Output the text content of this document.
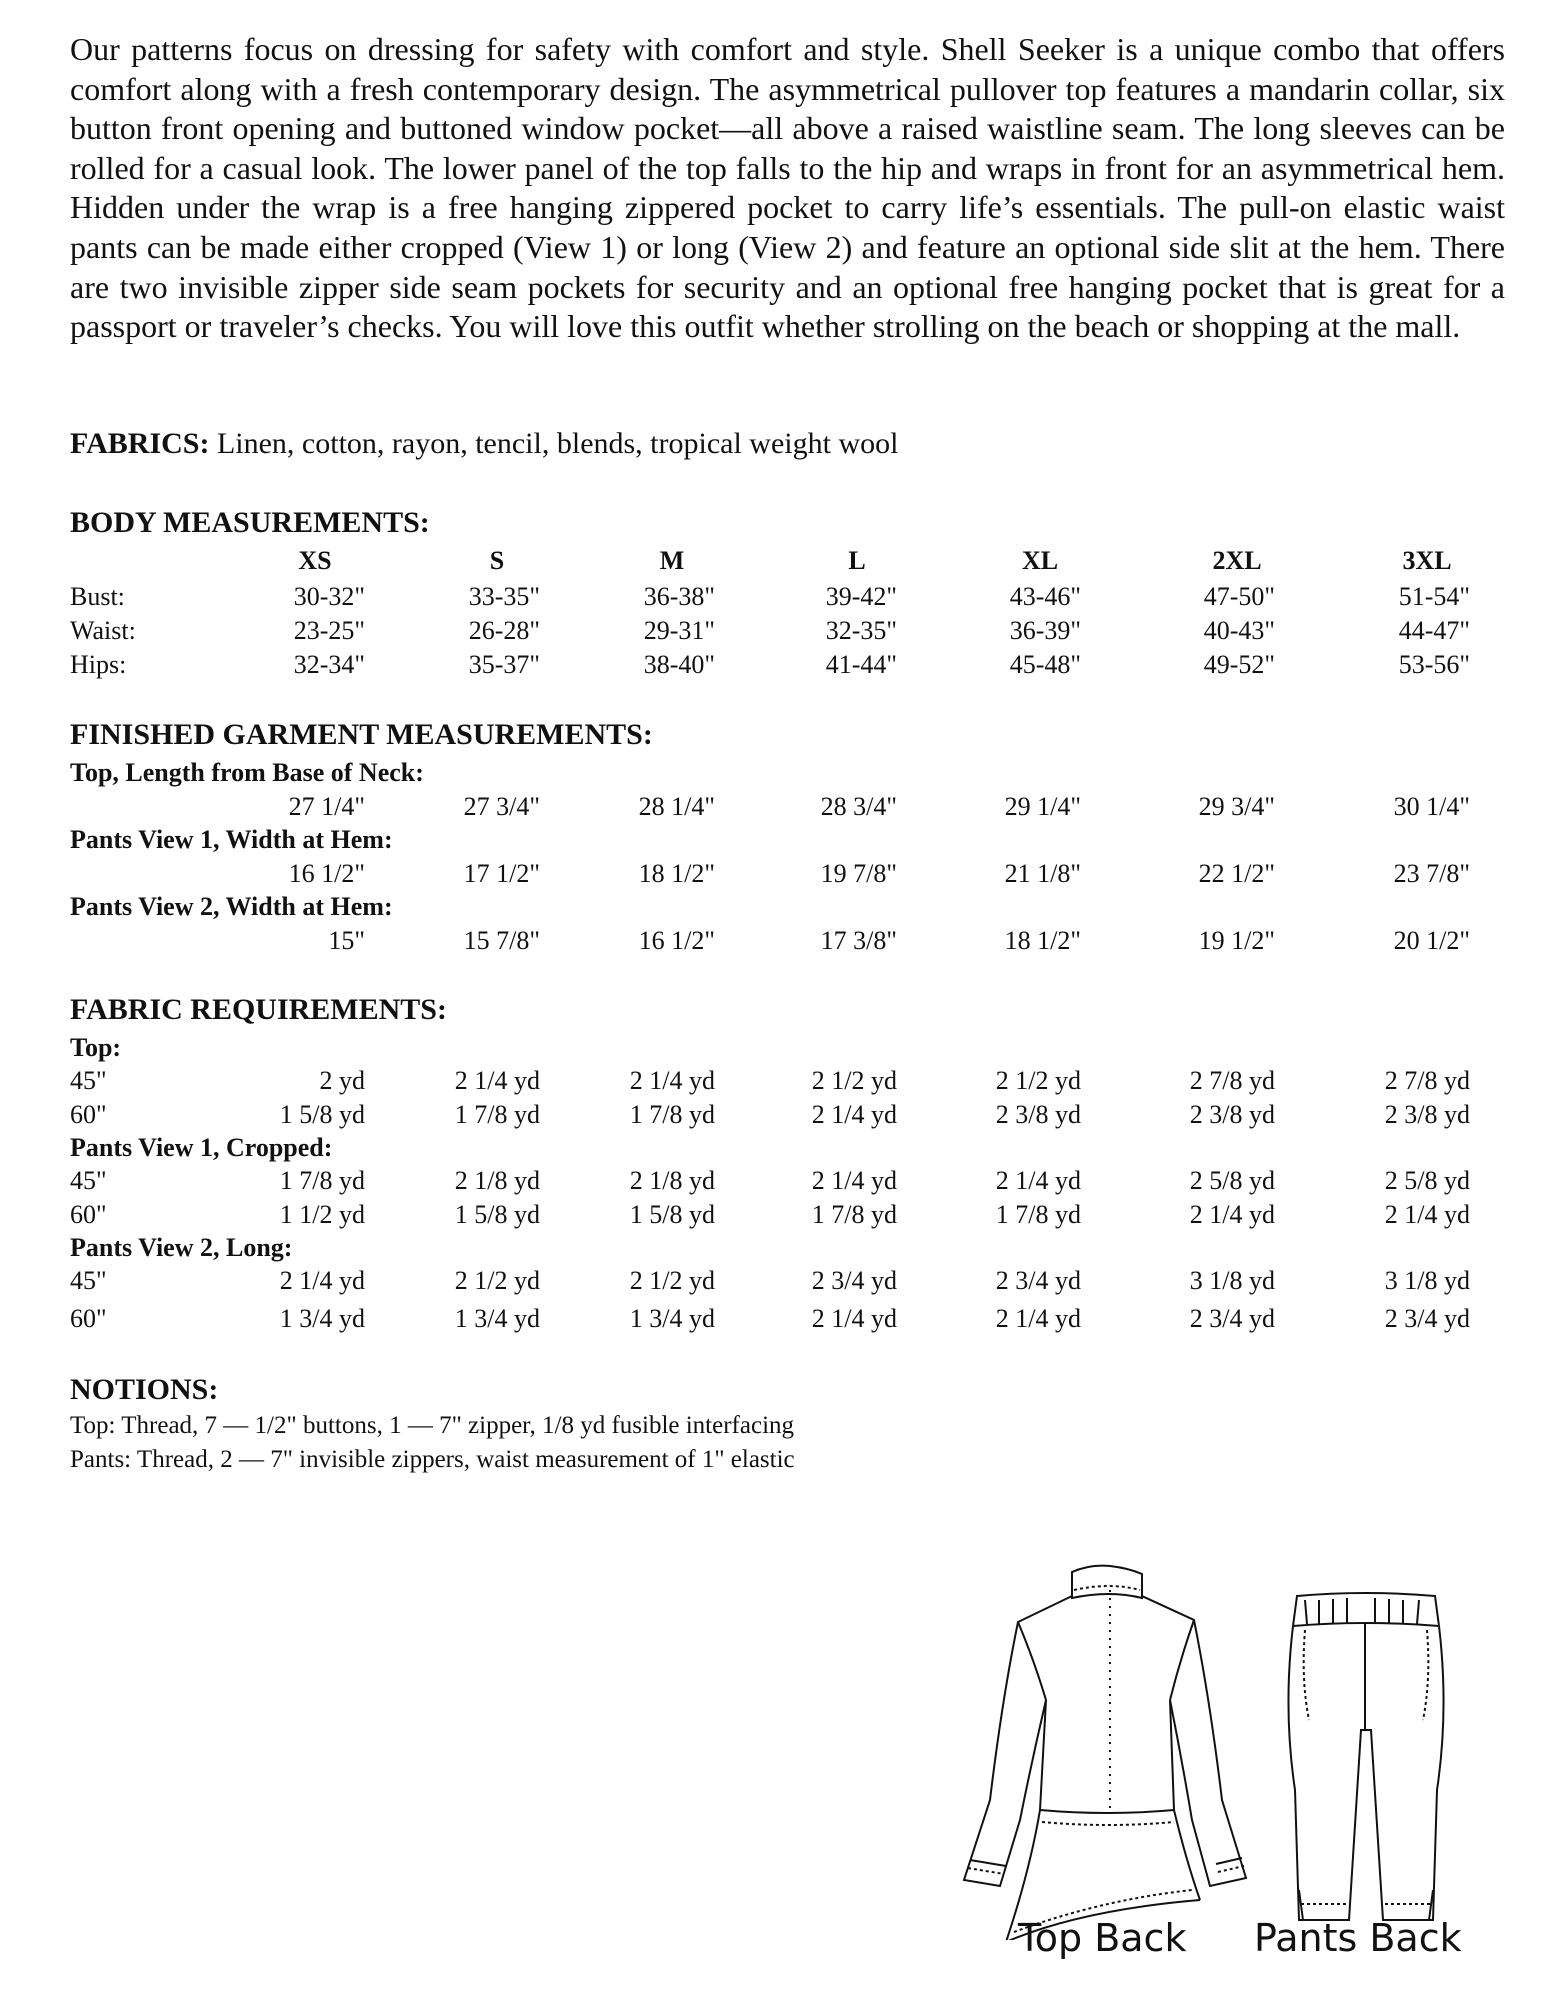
Our patterns focus on dressing for safety with comfort and style. Shell Seeker is a unique combo that offers comfort along with a fresh contemporary design. The asymmetrical pullover top features a mandarin collar, six button front opening and buttoned window pocket—all above a raised waistline seam. The long sleeves can be rolled for a casual look. The lower panel of the top falls to the hip and wraps in front for an asymmetrical hem. Hidden under the wrap is a free hanging zippered pocket to carry life’s essentials. The pull-on elastic waist pants can be made either cropped (View 1) or long (View 2) and feature an optional side slit at the hem. There are two invisible zipper side seam pockets for security and an optional free hanging pocket that is great for a passport or traveler’s checks. You will love this outfit whether strolling on the beach or shopping at the mall.

FABRICS: Linen, cotton, rayon, tencil, blends, tropical weight wool
BODY MEASUREMENTS:
FINISHED GARMENT MEASUREMENTS:
FABRIC REQUIREMENTS:
NOTIONS:
Top: Thread, 7 — 1/2" buttons, 1 — 7" zipper, 1/8 yd fusible interfacing
Pants: Thread, 2 — 7" invisible zippers, waist measurement of 1" elastic
Top Back Pants Back
XS	S	M	L	XL	2XL	3XL
Bust:	30-32"	33-35"	36-38"	39-42"	43-46"	47-50"	51-54"
Waist:	23-25"	26-28"	29-31"	32-35"	36-39"	40-43"	44-47"
Hips:	32-34"	35-37"	38-40"	41-44"	45-48"	49-52"	53-56"
Top, Length from Base of Neck:
27 1/4"	27 3/4"	28 1/4"	28 3/4"	29 1/4"	29 3/4"	30 1/4"
Pants View 1, Width at Hem:
16 1/2"	17 1/2"	18 1/2"	19 7/8"	21 1/8"	22 1/2"	23 7/8"
Pants View 2, Width at Hem:
15"	15 7/8"	16 1/2"	17 3/8"	18 1/2"	19 1/2"	20 1/2"
Top:
45"	2 yd	2 1/4 yd	2 1/4 yd	2 1/2 yd	2 1/2 yd	2 7/8 yd	2 7/8 yd
60"	1 5/8 yd	1 7/8 yd	1 7/8 yd	2 1/4 yd	2 3/8 yd	2 3/8 yd	2 3/8 yd
Pants View 1, Cropped:
45"	1 7/8 yd	2 1/8 yd	2 1/8 yd	2 1/4 yd	2 1/4 yd	2 5/8 yd	2 5/8 yd
60"	1 1/2 yd	1 5/8 yd	1 5/8 yd	1 7/8 yd	1 7/8 yd	2 1/4 yd	2 1/4 yd
Pants View 2, Long:
45"	2 1/4 yd	2 1/2 yd	2 1/2 yd	2 3/4 yd	2 3/4 yd	3 1/8 yd	3 1/8 yd
60"	1 3/4 yd	1 3/4 yd	1 3/4 yd	2 1/4 yd	2 1/4 yd	2 3/4 yd	2 3/4 yd
